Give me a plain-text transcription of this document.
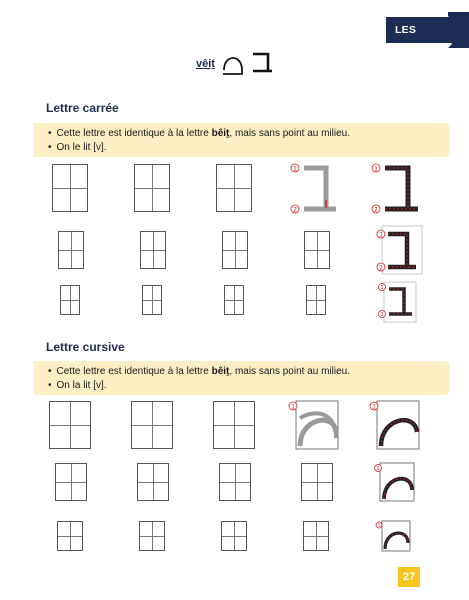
LES LETTRES
vêiṯ
Lettre carrée
• Cette lettre est identique à la lettre bêiṯ, mais sans point au milieu.
• On le lit [v].
1
2
1
2
1
2
1
2
Lettre cursive
• Cette lettre est identique à la lettre bêiṯ, mais sans point au milieu.
• On la lit [v].
1	1
1
1
27
